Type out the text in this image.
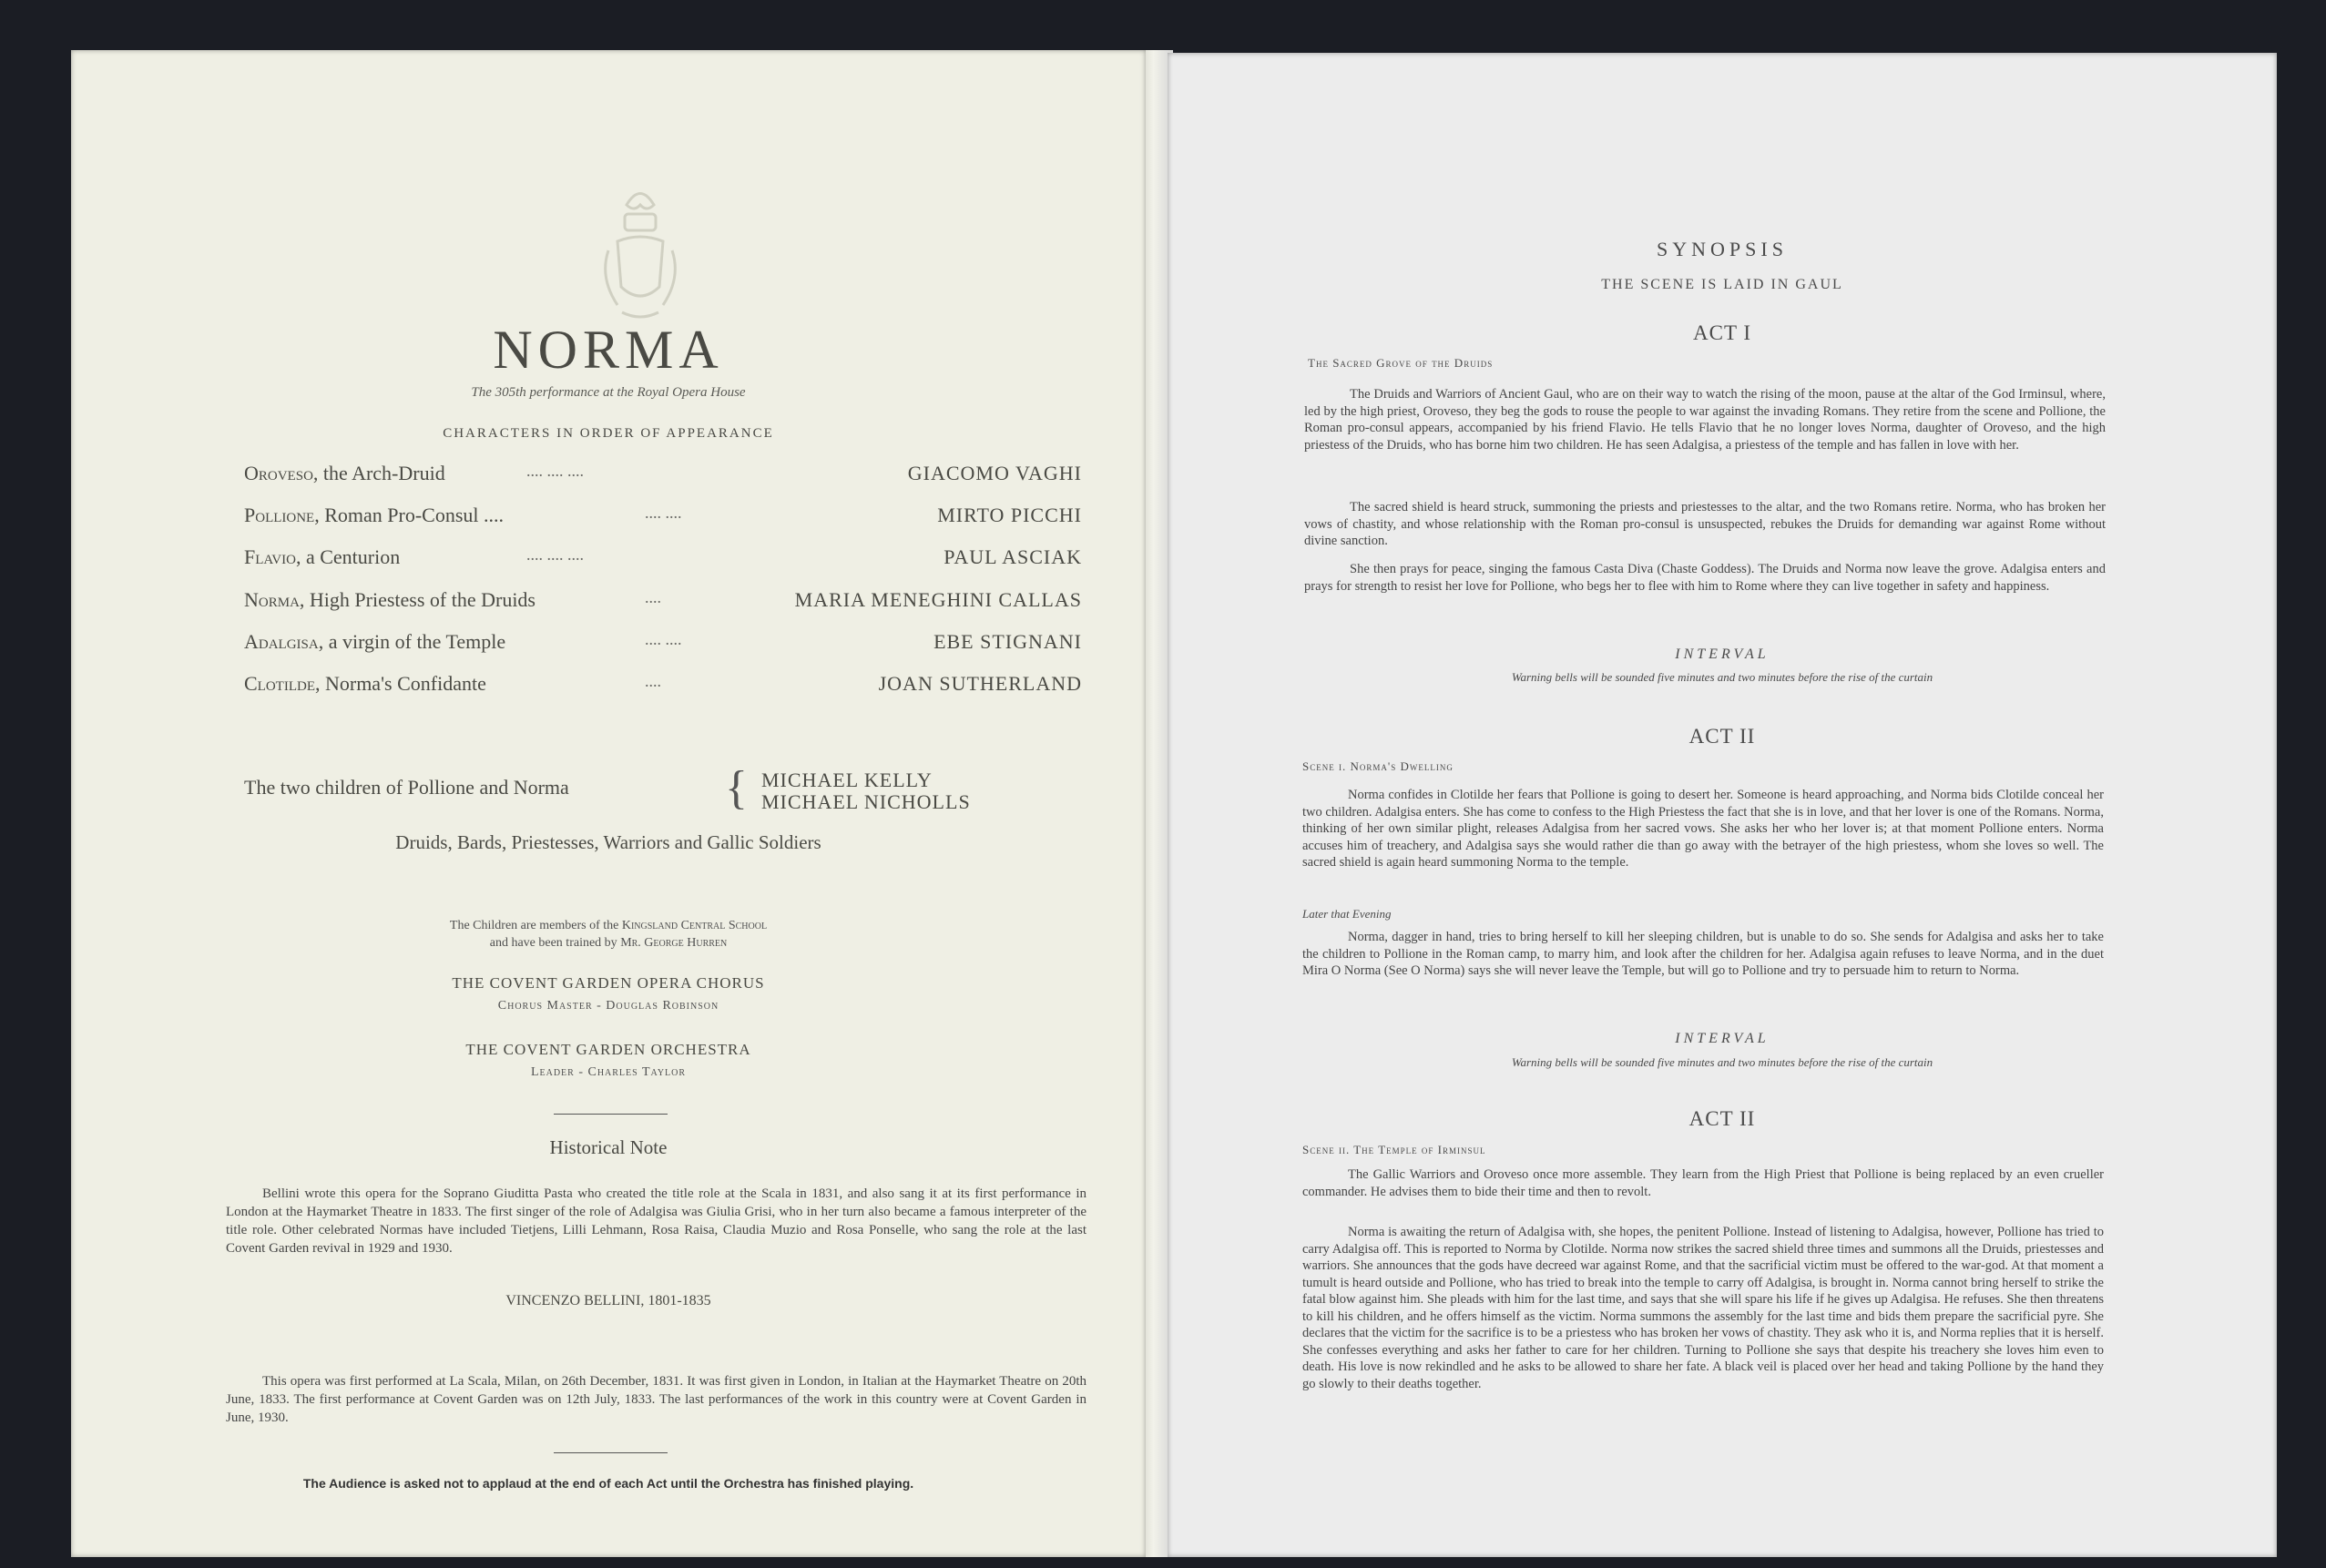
NORMA
The 305th performance at the Royal Opera House
CHARACTERS IN ORDER OF APPEARANCE
Oroveso, the Arch-Druid	.... .... ....	GIACOMO VAGHI
Pollione, Roman Pro-Consul ....	.... ....	MIRTO PICCHI
Flavio, a Centurion	.... .... ....	PAUL ASCIAK
Norma, High Priestess of the Druids	....	MARIA MENEGHINI CALLAS
Adalgisa, a virgin of the Temple	.... ....	EBE STIGNANI
Clotilde, Norma's Confidante	....	JOAN SUTHERLAND
The two children of Pollione and Norma	{ MICHAEL KELLY
MICHAEL NICHOLLS
Druids, Bards, Priestesses, Warriors and Gallic Soldiers
The Children are members of the Kingsland Central School
and have been trained by Mr. George Hurren
THE COVENT GARDEN OPERA CHORUS
Chorus Master - Douglas Robinson
THE COVENT GARDEN ORCHESTRA
Leader - Charles Taylor
Historical Note
Bellini wrote this opera for the Soprano Giuditta Pasta who created the title role at the Scala in 1831, and also sang it at its first performance in London at the Haymarket Theatre in 1833. The first singer of the role of Adalgisa was Giulia Grisi, who in her turn also became a famous interpreter of the title role. Other celebrated Normas have included Tietjens, Lilli Lehmann, Rosa Raisa, Claudia Muzio and Rosa Ponselle, who sang the role at the last Covent Garden revival in 1929 and 1930.
VINCENZO BELLINI, 1801-1835
This opera was first performed at La Scala, Milan, on 26th December, 1831. It was first given in London, in Italian at the Haymarket Theatre on 20th June, 1833. The first performance at Covent Garden was on 12th July, 1833. The last performances of the work in this country were at Covent Garden in June, 1930.
The Audience is asked not to applaud at the end of each Act until the Orchestra has finished playing.
SYNOPSIS
THE SCENE IS LAID IN GAUL
ACT I
The Sacred Grove of the Druids
The Druids and Warriors of Ancient Gaul, who are on their way to watch the rising of the moon, pause at the altar of the God Irminsul, where, led by the high priest, Oroveso, they beg the gods to rouse the people to war against the invading Romans. They retire from the scene and Pollione, the Roman pro-consul appears, accompanied by his friend Flavio. He tells Flavio that he no longer loves Norma, daughter of Oroveso, and the high priestess of the Druids, who has borne him two children. He has seen Adalgisa, a priestess of the temple and has fallen in love with her.
The sacred shield is heard struck, summoning the priests and priestesses to the altar, and the two Romans retire. Norma, who has broken her vows of chastity, and whose relationship with the Roman pro-consul is unsuspected, rebukes the Druids for demanding war against Rome without divine sanction.
She then prays for peace, singing the famous Casta Diva (Chaste Goddess). The Druids and Norma now leave the grove. Adalgisa enters and prays for strength to resist her love for Pollione, who begs her to flee with him to Rome where they can live together in safety and happiness.
INTERVAL
Warning bells will be sounded five minutes and two minutes before the rise of the curtain
ACT II
Scene i. Norma's Dwelling
Norma confides in Clotilde her fears that Pollione is going to desert her. Someone is heard approaching, and Norma bids Clotilde conceal her two children. Adalgisa enters. She has come to confess to the High Priestess the fact that she is in love, and that her lover is one of the Romans. Norma, thinking of her own similar plight, releases Adalgisa from her sacred vows. She asks her who her lover is; at that moment Pollione enters. Norma accuses him of treachery, and Adalgisa says she would rather die than go away with the betrayer of the high priestess, whom she loves so well. The sacred shield is again heard summoning Norma to the temple.
Later that Evening
Norma, dagger in hand, tries to bring herself to kill her sleeping children, but is unable to do so. She sends for Adalgisa and asks her to take the children to Pollione in the Roman camp, to marry him, and look after the children for her. Adalgisa again refuses to leave Norma, and in the duet Mira O Norma (See O Norma) says she will never leave the Temple, but will go to Pollione and try to persuade him to return to Norma.
INTERVAL
Warning bells will be sounded five minutes and two minutes before the rise of the curtain
ACT II
Scene ii. The Temple of Irminsul
The Gallic Warriors and Oroveso once more assemble. They learn from the High Priest that Pollione is being replaced by an even crueller commander. He advises them to bide their time and then to revolt.
Norma is awaiting the return of Adalgisa with, she hopes, the penitent Pollione. Instead of listening to Adalgisa, however, Pollione has tried to carry Adalgisa off. This is reported to Norma by Clotilde. Norma now strikes the sacred shield three times and summons all the Druids, priestesses and warriors. She announces that the gods have decreed war against Rome, and that the sacrificial victim must be offered to the war-god. At that moment a tumult is heard outside and Pollione, who has tried to break into the temple to carry off Adalgisa, is brought in. Norma cannot bring herself to strike the fatal blow against him. She pleads with him for the last time, and says that she will spare his life if he gives up Adalgisa. He refuses. She then threatens to kill his children, and he offers himself as the victim. Norma summons the assembly for the last time and bids them prepare the sacrificial pyre. She declares that the victim for the sacrifice is to be a priestess who has broken her vows of chastity. They ask who it is, and Norma replies that it is herself. She confesses everything and asks her father to care for her children. Turning to Pollione she says that despite his treachery she loves him even to death. His love is now rekindled and he asks to be allowed to share her fate. A black veil is placed over her head and taking Pollione by the hand they go slowly to their deaths together.
